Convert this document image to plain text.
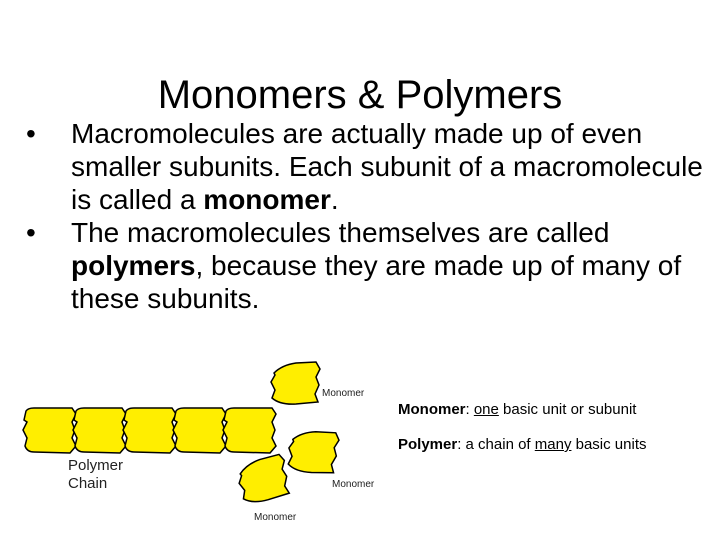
Monomers & Polymers

• Macromolecules are actually made up of even smaller subunits. Each subunit of a macromolecule is called a monomer.

• The macromolecules themselves are called polymers, because they are made up of many of these subunits.

Polymer
Chain
Monomer
Monomer
Monomer
Monomer: one basic unit or subunit
Polymer: a chain of many basic units
